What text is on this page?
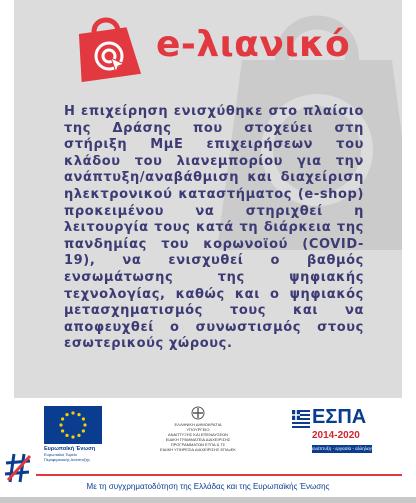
e-λιανικό
Η επιχείρηση ενισχύθηκε στο πλαίσιο της Δράσης που στοχεύει στη στήριξη ΜμΕ επιχειρήσεων του κλάδου του λιανεμπορίου για την ανάπτυξη/αναβάθμιση και διαχείριση ηλεκτρονικού καταστήματος (e-shop) προκειμένου να στηριχθεί η λειτουργία τους κατά τη διάρκεια της πανδημίας του κορωνοϊού (COVID-19), να ενισχυθεί ο βαθμός ενσωμάτωσης της ψηφιακής τεχνολογίας, καθώς και ο ψηφιακός μετασχηματισμός τους και να αποφευχθεί ο συνωστισμός στους εσωτερικούς χώρους.
Ευρωπαϊκή Ένωση
Ευρωπαϊκό Ταμείο
Περιφερειακής Ανάπτυξης
ΕΛΛΗΝΙΚΗ ΔΗΜΟΚΡΑΤΙΑ
ΥΠΟΥΡΓΕΙΟ
ΑΝΑΠΤΥΞΗΣ ΚΑΙ ΕΠΕΝΔΥΣΕΩΝ
ΕΙΔΙΚΗ ΓΡΑΜΜΑΤΕΙΑ ΔΙΑΧΕΙΡΙΣΗΣ
ΠΡΟΓΡΑΜΜΑΤΩΝ ΕΤΠΑ & ΤΣ
ΕΙΔΙΚΗ ΥΠΗΡΕΣΙΑ ΔΙΑΧΕΙΡΙΣΗΣ ΕΠΑνΕΚ
ΕΣΠΑ
2014-2020
ανάπτυξη - εργασία - αλληλεγγύη
Με τη συγχρηματοδότηση της Ελλάδας και της Ευρωπαϊκής Ένωσης
